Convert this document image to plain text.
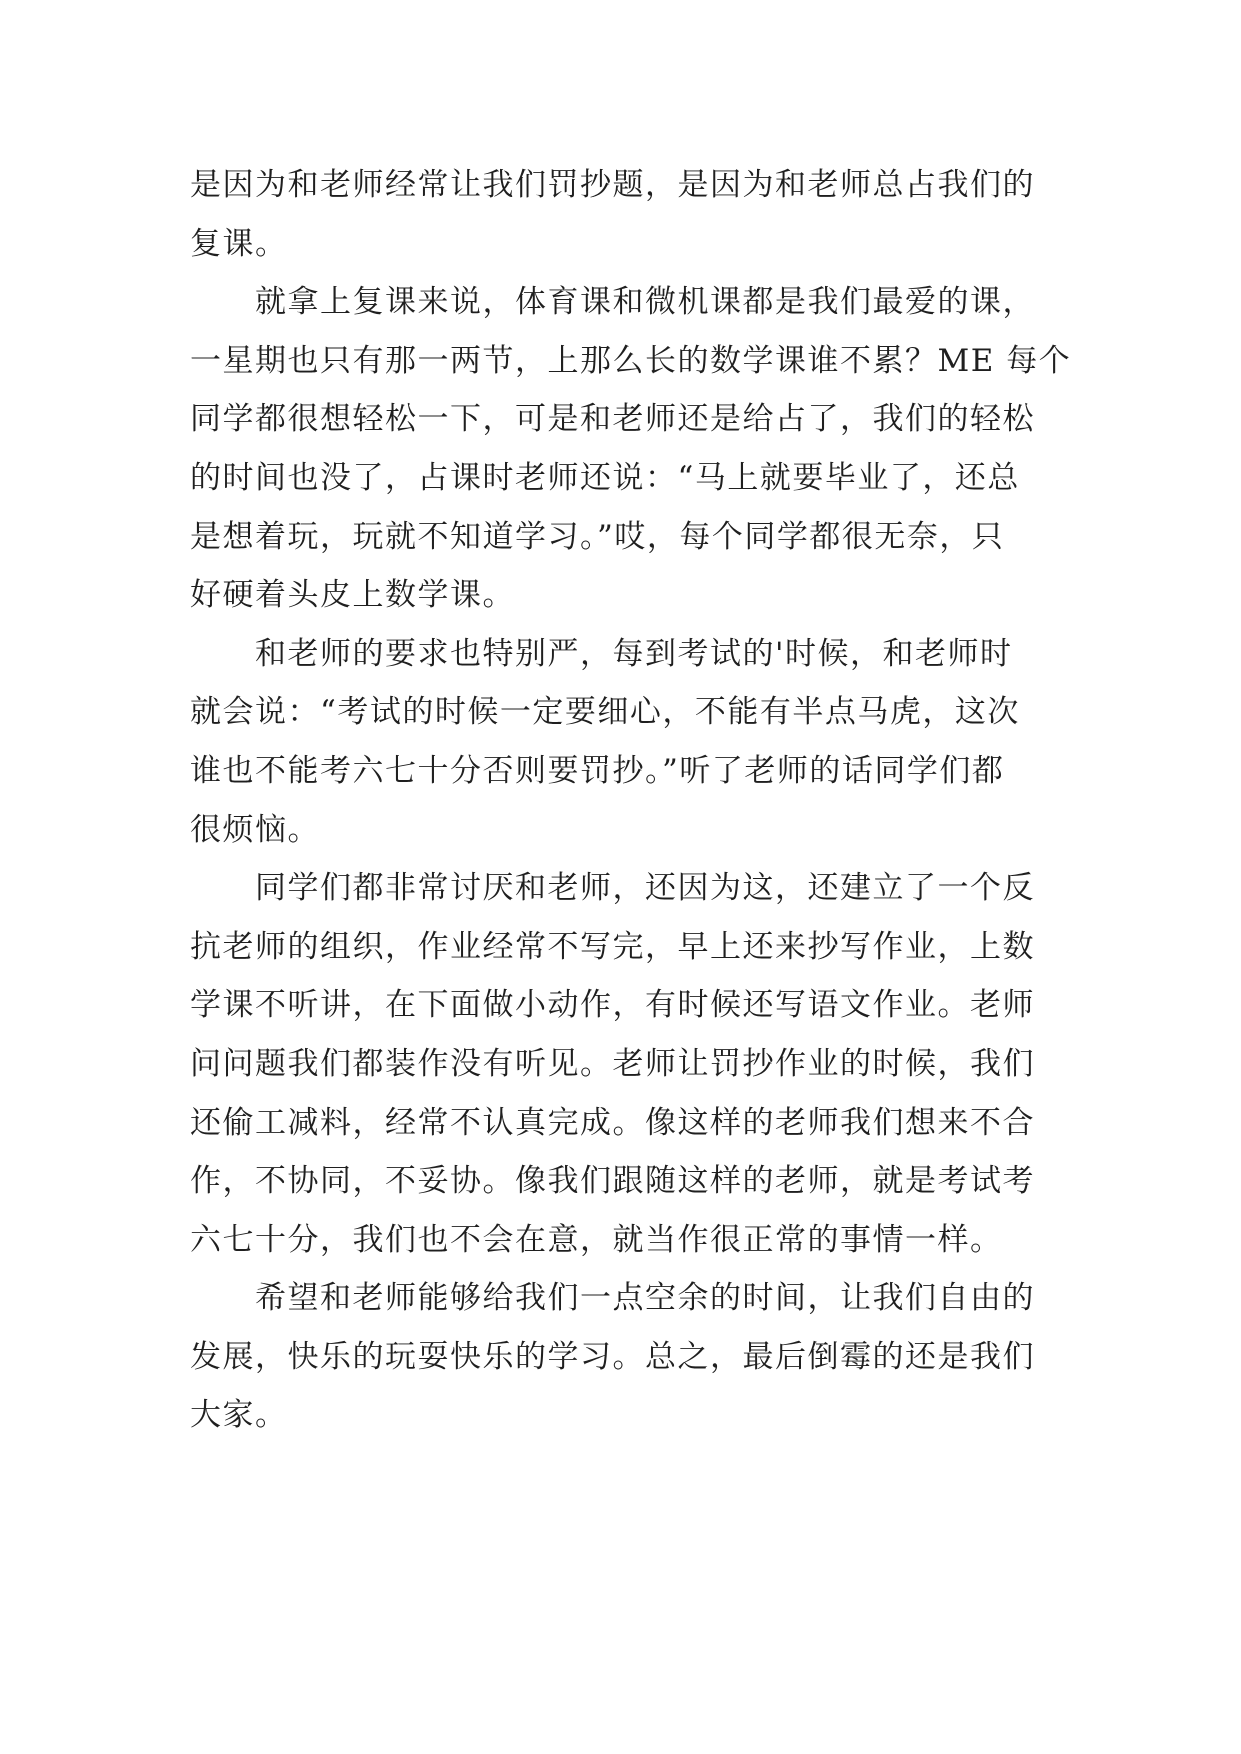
是因为和老师经常让我们罚抄题，是因为和老师总占我们的
复课。

　　就拿上复课来说，体育课和微机课都是我们最爱的课，
一星期也只有那一两节，上那么长的数学课谁不累？ME 每个
同学都很想轻松一下，可是和老师还是给占了，我们的轻松
的时间也没了，占课时老师还说：“马上就要毕业了，还总
是想着玩，玩就不知道学习。”哎，每个同学都很无奈，只
好硬着头皮上数学课。

　　和老师的要求也特别严，每到考试的'时候，和老师时
就会说：“考试的时候一定要细心，不能有半点马虎，这次
谁也不能考六七十分否则要罚抄。”听了老师的话同学们都
很烦恼。

　　同学们都非常讨厌和老师，还因为这，还建立了一个反
抗老师的组织，作业经常不写完，早上还来抄写作业，上数
学课不听讲，在下面做小动作，有时候还写语文作业。老师
问问题我们都装作没有听见。老师让罚抄作业的时候，我们
还偷工减料，经常不认真完成。像这样的老师我们想来不合
作，不协同，不妥协。像我们跟随这样的老师，就是考试考
六七十分，我们也不会在意，就当作很正常的事情一样。

　　希望和老师能够给我们一点空余的时间，让我们自由的
发展，快乐的玩耍快乐的学习。总之，最后倒霉的还是我们
大家。
